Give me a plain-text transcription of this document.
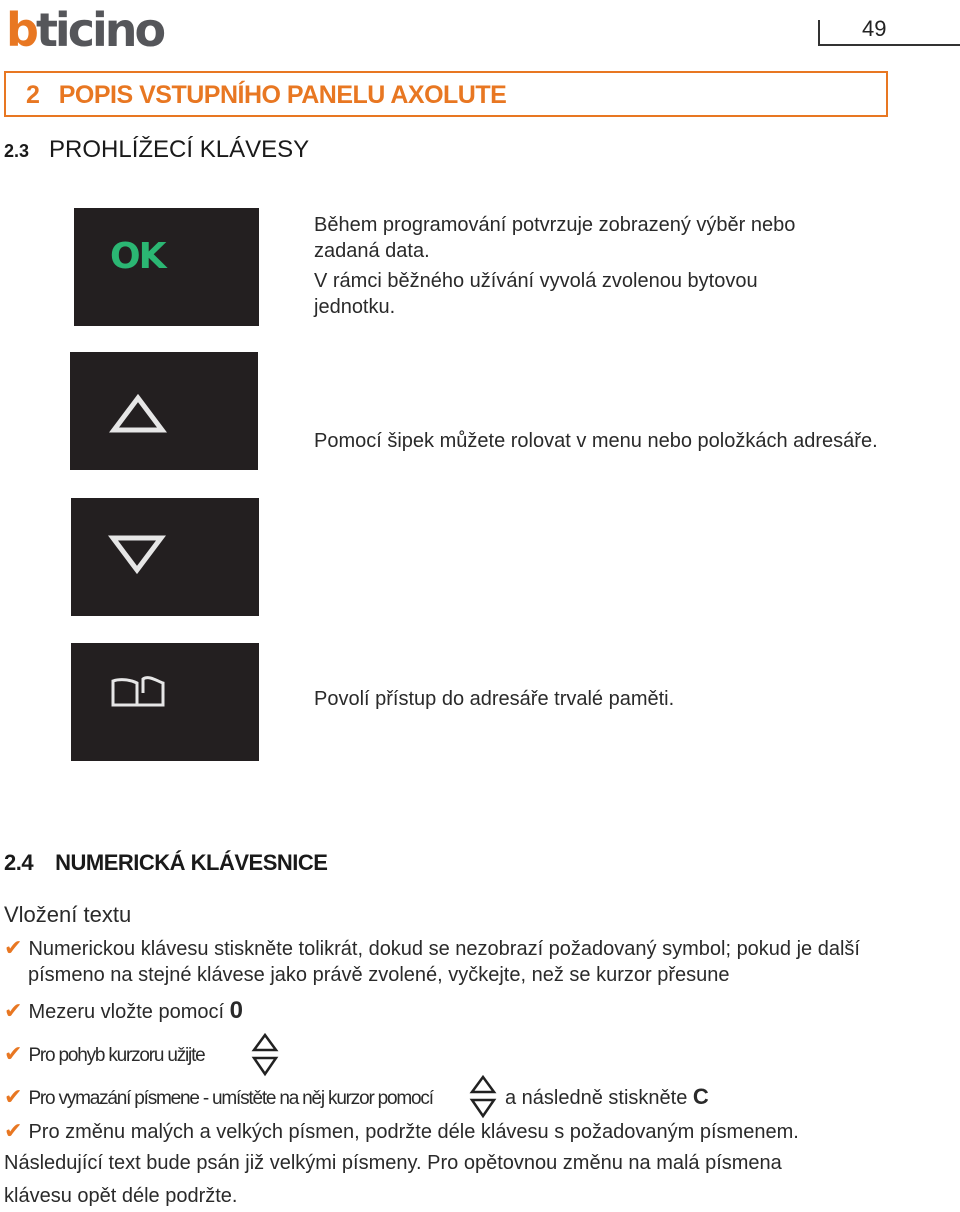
bticino	49
2   POPIS VSTUPNÍHO PANELU AXOLUTE
2.3 PROHLÍŽECÍ KLÁVESY
OK
Během programování potvrzuje zobrazený výběr nebo
zadaná data.
V rámci běžného užívání vyvolá zvolenou bytovou
jednotku.
Pomocí šipek můžete rolovat v menu nebo položkách adresáře.
Povolí přístup do adresáře trvalé paměti.
2.4 NUMERICKÁ KLÁVESNICE
Vložení textu
✔ Numerickou klávesu stiskněte tolikrát, dokud se nezobrazí požadovaný symbol; pokud je další
písmeno na stejné klávese jako právě zvolené, vyčkejte, než se kurzor přesune
✔ Mezeru vložte pomocí 0
✔ Pro pohyb kurzoru užijte
✔ Pro vymazání písmene - umístěte na něj kurzor pomocí	a následně stiskněte C
✔ Pro změnu malých a velkých písmen, podržte déle klávesu s požadovaným písmenem.
Následující text bude psán již velkými písmeny. Pro opětovnou změnu na malá písmena
klávesu opět déle podržte.
